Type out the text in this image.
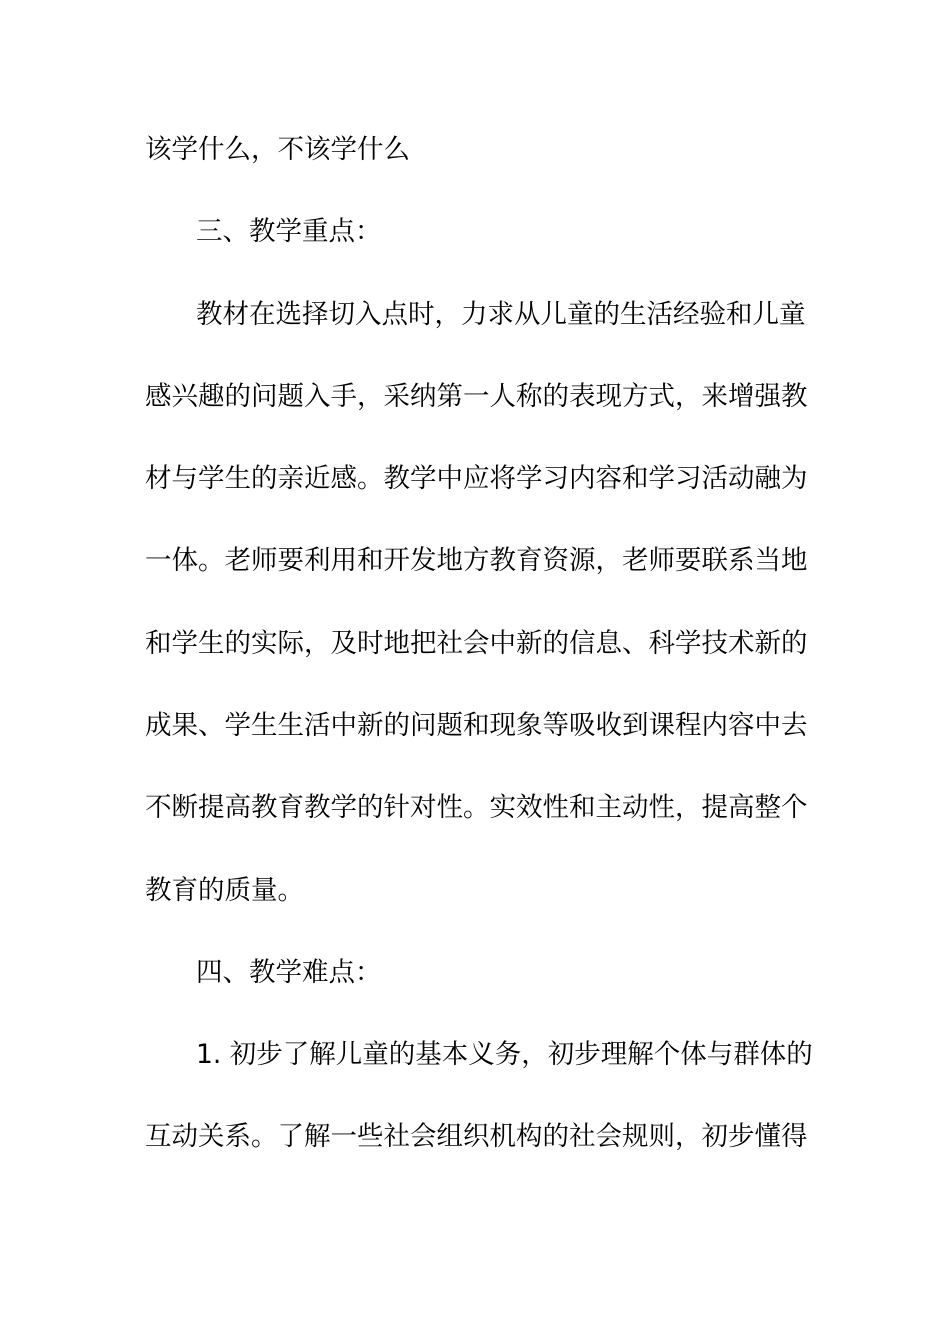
该学什么，不该学什么
三、教学重点：
教材在选择切入点时，力求从儿童的生活经验和儿童
感兴趣的问题入手，采纳第一人称的表现方式，来增强教
材与学生的亲近感。教学中应将学习内容和学习活动融为
一体。老师要利用和开发地方教育资源，老师要联系当地
和学生的实际，及时地把社会中新的信息、科学技术新的
成果、学生生活中新的问题和现象等吸收到课程内容中去
不断提高教育教学的针对性。实效性和主动性，提高整个
教育的质量。
四、教学难点：
1. 初步了解儿童的基本义务，初步理解个体与群体的
互动关系。了解一些社会组织机构的社会规则，初步懂得
